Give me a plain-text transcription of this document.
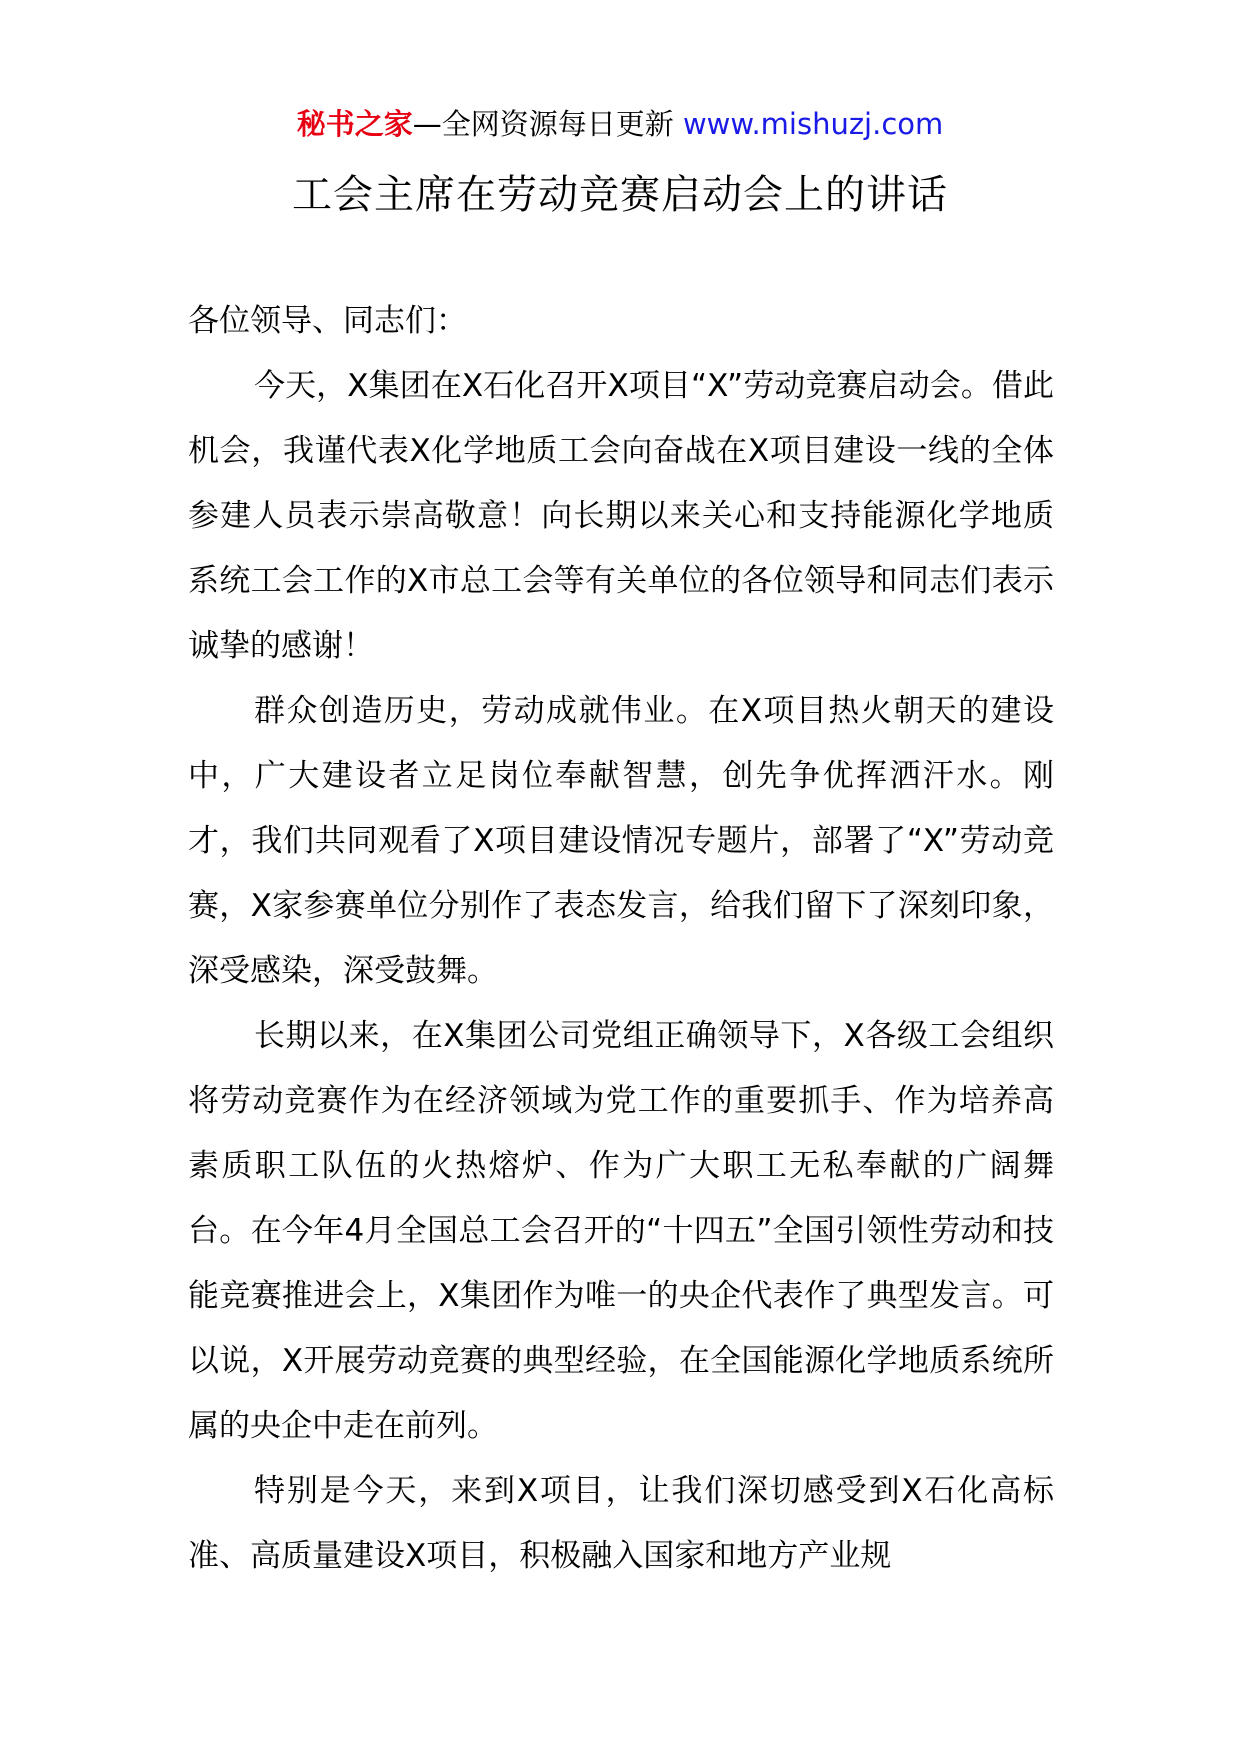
秘书之家—全网资源每日更新 www.mishuzj.com
工会主席在劳动竞赛启动会上的讲话

各位领导、同志们：

今天，X集团在X石化召开X项目“X”劳动竞赛启动会。借此机会，我谨代表X化学地质工会向奋战在X项目建设一线的全体参建人员表示崇高敬意！向长期以来关心和支持能源化学地质系统工会工作的X市总工会等有关单位的各位领导和同志们表示诚挚的感谢！

群众创造历史，劳动成就伟业。在X项目热火朝天的建设中，广大建设者立足岗位奉献智慧，创先争优挥洒汗水。刚才，我们共同观看了X项目建设情况专题片，部署了“X”劳动竞赛，X家参赛单位分别作了表态发言，给我们留下了深刻印象，深受感染，深受鼓舞。

长期以来，在X集团公司党组正确领导下，X各级工会组织将劳动竞赛作为在经济领域为党工作的重要抓手、作为培养高素质职工队伍的火热熔炉、作为广大职工无私奉献的广阔舞台。在今年4月全国总工会召开的“十四五”全国引领性劳动和技能竞赛推进会上，X集团作为唯一的央企代表作了典型发言。可以说，X开展劳动竞赛的典型经验，在全国能源化学地质系统所属的央企中走在前列。

特别是今天，来到X项目，让我们深切感受到X石化高标准、高质量建设X项目，积极融入国家和地方产业规
